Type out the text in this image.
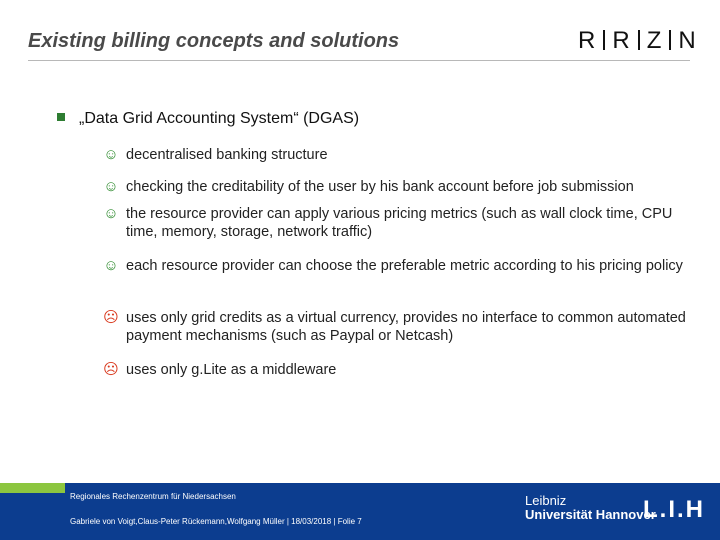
Existing billing concepts and solutions	R R Z N
„Data Grid Accounting System“ (DGAS)
☺ decentralised banking structure
☺ checking the creditability of the user by his bank account before job submission
☺ the resource provider can apply various pricing metrics (such as wall clock time, CPU time, memory, storage, network traffic)
☺ each resource provider can choose the preferable metric according to his pricing policy
☹ uses only grid credits as a virtual currency, provides no interface to common automated payment mechanisms (such as Paypal or Netcash)
☹ uses only g.Lite as a middleware
Regionales Rechenzentrum für Niedersachsen
Gabriele von Voigt,Claus-Peter Rückemann,Wolfgang Müller | 18/03/2018 | Folie 7
Leibniz
Universität Hannover
L.I.H
